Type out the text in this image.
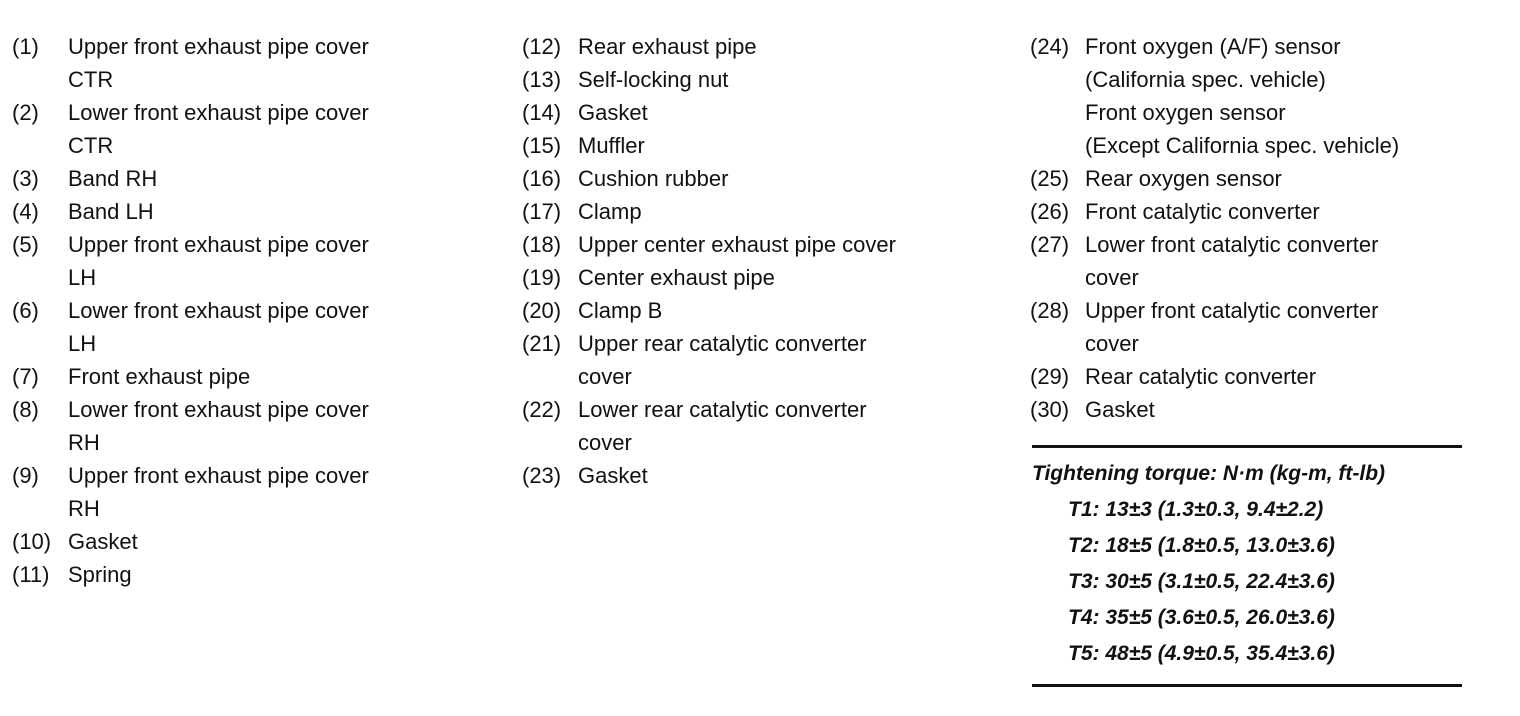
(1)	Upper front exhaust pipe cover
CTR
(2)	Lower front exhaust pipe cover
CTR
(3)	Band RH
(4)	Band LH
(5)	Upper front exhaust pipe cover
LH
(6)	Lower front exhaust pipe cover
LH
(7)	Front exhaust pipe
(8)	Lower front exhaust pipe cover
RH
(9)	Upper front exhaust pipe cover
RH
(10) Gasket
(11) Spring
(12) Rear exhaust pipe
(13) Self-locking nut
(14) Gasket
(15) Muffler
(16) Cushion rubber
(17) Clamp
(18) Upper center exhaust pipe cover
(19) Center exhaust pipe
(20) Clamp B
(21) Upper rear catalytic converter
cover
(22) Lower rear catalytic converter
cover
(23) Gasket
(24) Front oxygen (A/F) sensor
(California spec. vehicle)
Front oxygen sensor
(Except California spec. vehicle)
(25) Rear oxygen sensor
(26) Front catalytic converter
(27) Lower front catalytic converter
cover
(28) Upper front catalytic converter
cover
(29) Rear catalytic converter
(30) Gasket
Tightening torque: N·m (kg-m, ft-lb)
T1: 13±3 (1.3±0.3, 9.4±2.2)
T2: 18±5 (1.8±0.5, 13.0±3.6)
T3: 30±5 (3.1±0.5, 22.4±3.6)
T4: 35±5 (3.6±0.5, 26.0±3.6)
T5: 48±5 (4.9±0.5, 35.4±3.6)
